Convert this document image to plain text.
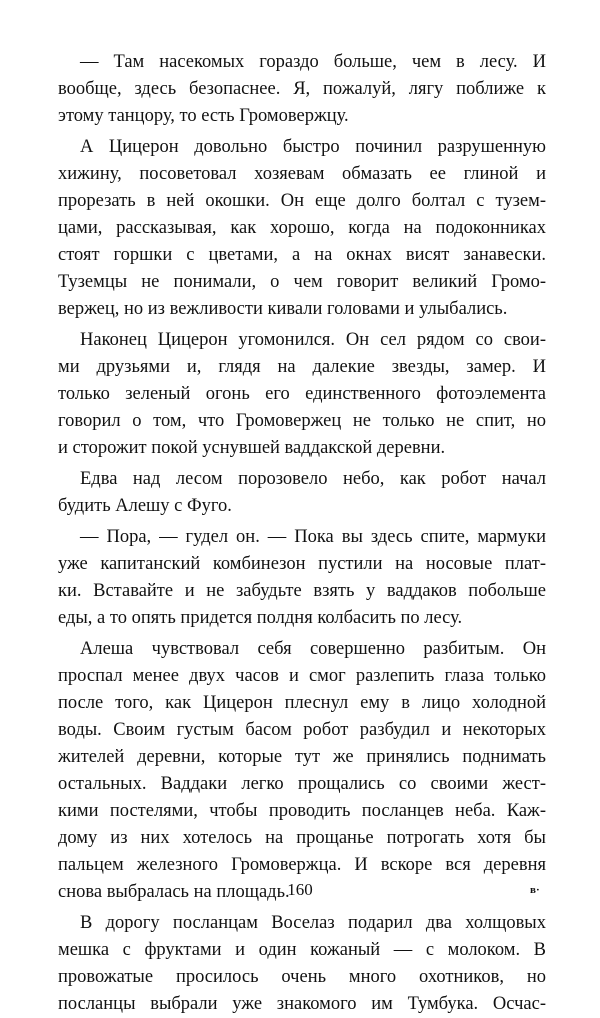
— Там насекомых гораздо больше, чем в лесу. И
вообще, здесь безопаснее. Я, пожалуй, лягу поближе к
этому танцору, то есть Громовержцу.
А Цицерон довольно быстро починил разрушенную
хижину, посоветовал хозяевам обмазать ее глиной и
прорезать в ней окошки. Он еще долго болтал с тузем-
цами, рассказывая, как хорошо, когда на подоконниках
стоят горшки с цветами, а на окнах висят занавески.
Туземцы не понимали, о чем говорит великий Громо-
вержец, но из вежливости кивали головами и улыбались.
Наконец Цицерон угомонился. Он сел рядом со свои-
ми друзьями и, глядя на далекие звезды, замер. И
только зеленый огонь его единственного фотоэлемента
говорил о том, что Громовержец не только не спит, но
и сторожит покой уснувшей ваддакской деревни.
Едва над лесом порозовело небо, как робот начал
будить Алешу с Фуго.
— Пора, — гудел он. — Пока вы здесь спите, мармуки
уже капитанский комбинезон пустили на носовые плат-
ки. Вставайте и не забудьте взять у ваддаков побольше
еды, а то опять придется полдня колбасить по лесу.
Алеша чувствовал себя совершенно разбитым. Он
проспал менее двух часов и смог разлепить глаза только
после того, как Цицерон плеснул ему в лицо холодной
воды. Своим густым басом робот разбудил и некоторых
жителей деревни, которые тут же принялись поднимать
остальных. Ваддаки легко прощались со своими жест-
кими постелями, чтобы проводить посланцев неба. Каж-
дому из них хотелось на прощанье потрогать хотя бы
пальцем железного Громовержца. И вскоре вся деревня
снова выбралась на площадь.
В дорогу посланцам Воселаз подарил два холщовых
мешка с фруктами и один кожаный — с молоком. В
провожатые просилось очень много охотников, но
посланцы выбрали уже знакомого им Тумбука. Осчас-
160	в·
